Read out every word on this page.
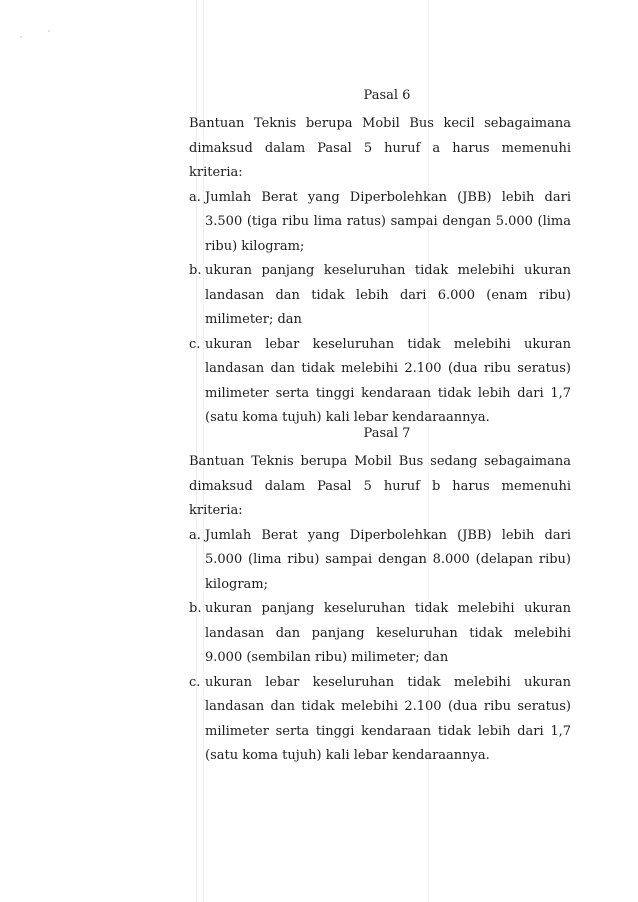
Pasal 6
Bantuan Teknis berupa Mobil Bus kecil sebagaimana dimaksud dalam Pasal 5 huruf a harus memenuhi kriteria:
a. Jumlah Berat yang Diperbolehkan (JBB) lebih dari 3.500 (tiga ribu lima ratus) sampai dengan 5.000 (lima ribu) kilogram;
b. ukuran panjang keseluruhan tidak melebihi ukuran landasan dan tidak lebih dari 6.000 (enam ribu) milimeter; dan
c. ukuran lebar keseluruhan tidak melebihi ukuran landasan dan tidak melebihi 2.100 (dua ribu seratus) milimeter serta tinggi kendaraan tidak lebih dari 1,7 (satu koma tujuh) kali lebar kendaraannya.
Pasal 7
Bantuan Teknis berupa Mobil Bus sedang sebagaimana dimaksud dalam Pasal 5 huruf b harus memenuhi kriteria:
a. Jumlah Berat yang Diperbolehkan (JBB) lebih dari 5.000 (lima ribu) sampai dengan 8.000 (delapan ribu) kilogram;
b. ukuran panjang keseluruhan tidak melebihi ukuran landasan dan panjang keseluruhan tidak melebihi 9.000 (sembilan ribu) milimeter; dan
c. ukuran lebar keseluruhan tidak melebihi ukuran landasan dan tidak melebihi 2.100 (dua ribu seratus) milimeter serta tinggi kendaraan tidak lebih dari 1,7 (satu koma tujuh) kali lebar kendaraannya.
